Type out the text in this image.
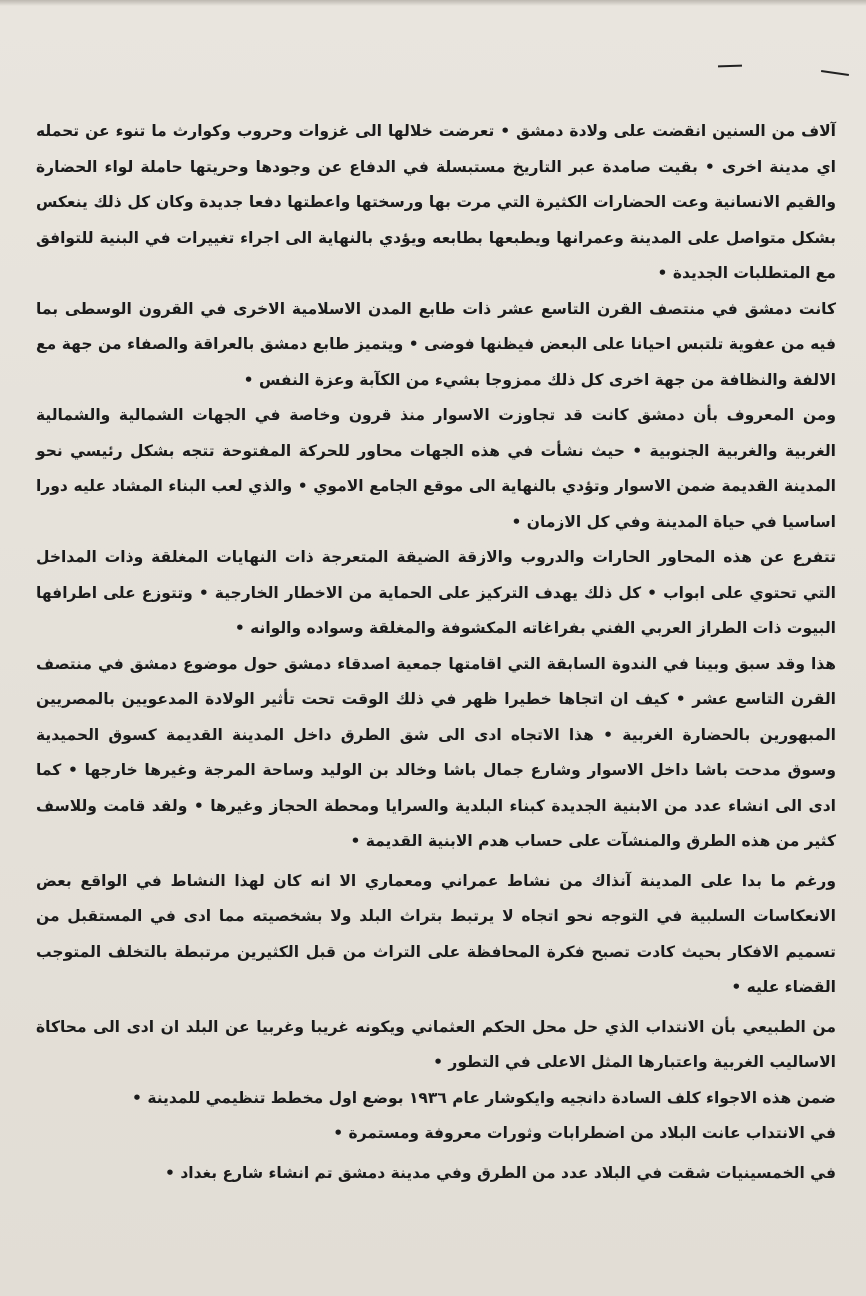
آلاف من السنين انقضت على ولادة دمشق • تعرضت خلالها الى غزوات وحروب وكوارث ما تنوء عن تحمله اي مدينة اخرى • بقيت صامدة عبر التاريخ مستبسلة في الدفاع عن وجودها وحريتها حاملة لواء الحضارة والقيم الانسانية وعت الحضارات الكثيرة التي مرت بها ورسختها واعطتها دفعا جديدة وكان كل ذلك ينعكس بشكل متواصل على المدينة وعمرانها ويطبعها بطابعه ويؤدي بالنهاية الى اجراء تغييرات في البنية للتوافق مع المتطلبات الجديدة •

كانت دمشق في منتصف القرن التاسع عشر ذات طابع المدن الاسلامية الاخرى في القرون الوسطى بما فيه من عفوية تلتبس احيانا على البعض فيظنها فوضى • ويتميز طابع دمشق بالعراقة والصفاء من جهة مع الالفة والنظافة من جهة اخرى كل ذلك ممزوجا بشيء من الكآبة وعزة النفس •

ومن المعروف بأن دمشق كانت قد تجاوزت الاسوار منذ قرون وخاصة في الجهات الشمالية والشمالية الغربية والغربية الجنوبية • حيث نشأت في هذه الجهات محاور للحركة المفتوحة تتجه بشكل رئيسي نحو المدينة القديمة ضمن الاسوار وتؤدي بالنهاية الى موقع الجامع الاموي • والذي لعب البناء المشاد عليه دورا اساسيا في حياة المدينة وفي كل الازمان •

تتفرع عن هذه المحاور الحارات والدروب والازقة الضيقة المتعرجة ذات النهايات المغلقة وذات المداخل التي تحتوي على ابواب • كل ذلك يهدف التركيز على الحماية من الاخطار الخارجية • وتتوزع على اطرافها البيوت ذات الطراز العربي الفني بفراغاته المكشوفة والمغلقة وسواده والوانه •

هذا وقد سبق وبينا في الندوة السابقة التي اقامتها جمعية اصدقاء دمشق حول موضوع دمشق في منتصف القرن التاسع عشر • كيف ان اتجاها خطيرا ظهر في ذلك الوقت تحت تأثير الولادة المدعويين بالمصريين المبهورين بالحضارة الغربية • هذا الاتجاه ادى الى شق الطرق داخل المدينة القديمة كسوق الحميدية وسوق مدحت باشا داخل الاسوار وشارع جمال باشا وخالد بن الوليد وساحة المرجة وغيرها خارجها • كما ادى الى انشاء عدد من الابنية الجديدة كبناء البلدية والسرايا ومحطة الحجاز وغيرها • ولقد قامت وللاسف كثير من هذه الطرق والمنشآت على حساب هدم الابنية القديمة •

ورغم ما بدا على المدينة آنذاك من نشاط عمراني ومعماري الا انه كان لهذا النشاط في الواقع بعض الانعكاسات السلبية في التوجه نحو اتجاه لا يرتبط بتراث البلد ولا بشخصيته مما ادى في المستقبل من تسميم الافكار بحيث كادت تصبح فكرة المحافظة على التراث من قبل الكثيرين مرتبطة بالتخلف المتوجب القضاء عليه •

من الطبيعي بأن الانتداب الذي حل محل الحكم العثماني ويكونه غريبا وغربيا عن البلد ان ادى الى محاكاة الاساليب الغربية واعتبارها المثل الاعلى في التطور •

ضمن هذه الاجواء كلف السادة دانجيه وايكوشار عام ١٩٣٦ بوضع اول مخطط تنظيمي للمدينة •

في الانتداب عانت البلاد من اضطرابات وثورات معروفة ومستمرة •

في الخمسينيات شقت في البلاد عدد من الطرق وفي مدينة دمشق تم انشاء شارع بغداد •
